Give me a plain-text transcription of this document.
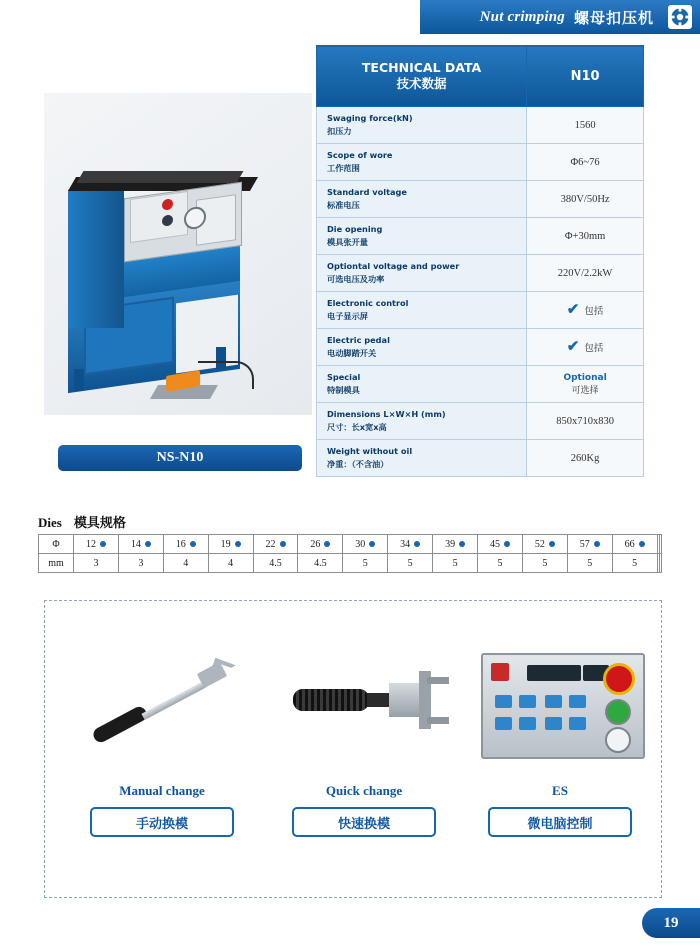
Nut crimping 螺母扣压机
NS-N10
TECHNICAL DATA
技术数据	N10

Swaging force(kN)
扣压力	1560

Scope of wore
工作范围	Φ6~76

Standard voltage
标准电压	380V/50Hz

Die opening
模具张开量	Φ+30mm

Optiontal voltage and power
可选电压及功率	220V/2.2kW

Electronic control
电子显示屏	✔ 包括

Electric pedal
电动脚踏开关	✔ 包括

Special
特制模具	Optional
可选择

Dimensions L×W×H (mm)
尺寸：长x宽x高	850x710x830

Weight without oil
净重：（不含油）	260Kg
Dies 模具规格
Φ	12	14	16	19	22	26	30	34	39	45	52	57	66		
mm	3	3	4	4	4.5	4.5	5	5	5	5	5	5	5		
Manual change
手动换模
Quick change
快速换模
ES
微电脑控制
19
